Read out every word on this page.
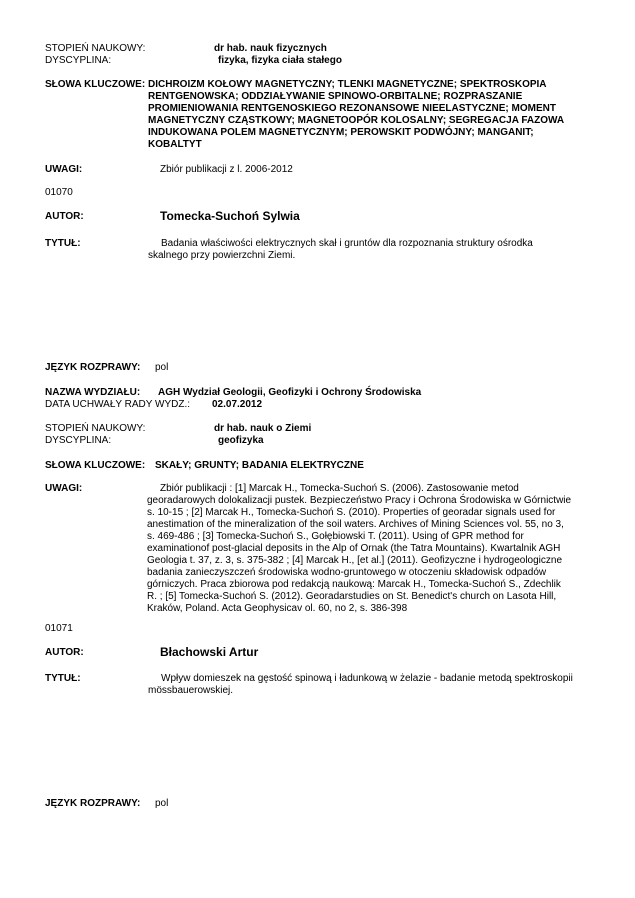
STOPIEŃ NAUKOWY:	dr hab. nauk fizycznych
DYSCYPLINA:	fizyka, fizyka ciała stałego
SŁOWA KLUCZOWE: DICHROIZM KOŁOWY MAGNETYCZNY; TLENKI MAGNETYCZNE; SPEKTROSKOPIA
RENTGENOWSKA; ODDZIAŁYWANIE SPINOWO-ORBITALNE; ROZPRASZANIE
PROMIENIOWANIA RENTGENOSKIEGO REZONANSOWE NIEELASTYCZNE; MOMENT
MAGNETYCZNY CZĄSTKOWY; MAGNETOOPÓR KOLOSALNY; SEGREGACJA FAZOWA
INDUKOWANA POLEM MAGNETYCZNYM; PEROWSKIT PODWÓJNY; MANGANIT;
KOBALTYT
UWAGI:	Zbiór publikacji z l. 2006-2012
01070
AUTOR:	Tomecka-Suchoń Sylwia
TYTUŁ:	Badania właściwości elektrycznych skał i gruntów dla rozpoznania struktury ośrodka
skalnego przy powierzchni Ziemi.
JĘZYK ROZPRAWY: pol
NAZWA WYDZIAŁU: AGH Wydział Geologii, Geofizyki i Ochrony Środowiska
DATA UCHWAŁY RADY WYDZ.: 02.07.2012
STOPIEŃ NAUKOWY:	dr hab. nauk o Ziemi
DYSCYPLINA:	geofizyka
SŁOWA KLUCZOWE: SKAŁY; GRUNTY; BADANIA ELEKTRYCZNE
UWAGI:	Zbiór publikacji : [1] Marcak H., Tomecka-Suchoń S. (2006). Zastosowanie metod
georadarowych dolokalizacji pustek. Bezpieczeństwo Pracy i Ochrona Środowiska w Górnictwie
s. 10-15 ; [2] Marcak H., Tomecka-Suchoń S. (2010). Properties of georadar signals used for
anestimation of the mineralization of the soil waters. Archives of Mining Sciences vol. 55, no 3,
s. 469-486 ; [3] Tomecka-Suchoń S., Gołębiowski T. (2011). Using of GPR method for
examinationof post-glacial deposits in the Alp of Ornak (the Tatra Mountains). Kwartalnik AGH
Geologia t. 37, z. 3, s. 375-382 ; [4] Marcak H., [et al.] (2011). Geofizyczne i hydrogeologiczne
badania zanieczyszczeń środowiska wodno-gruntowego w otoczeniu składowisk odpadów
górniczych. Praca zbiorowa pod redakcją naukową: Marcak H., Tomecka-Suchoń S., Zdechlik
R. ; [5] Tomecka-Suchoń S. (2012). Georadarstudies on St. Benedict's church on Lasota Hill,
Kraków, Poland. Acta Geophysicav ol. 60, no 2, s. 386-398
01071
AUTOR:	Błachowski Artur
TYTUŁ:	Wpływ domieszek na gęstość spinową i ładunkową w żelazie - badanie metodą spektroskopii
mössbauerowskiej.
JĘZYK ROZPRAWY: pol
